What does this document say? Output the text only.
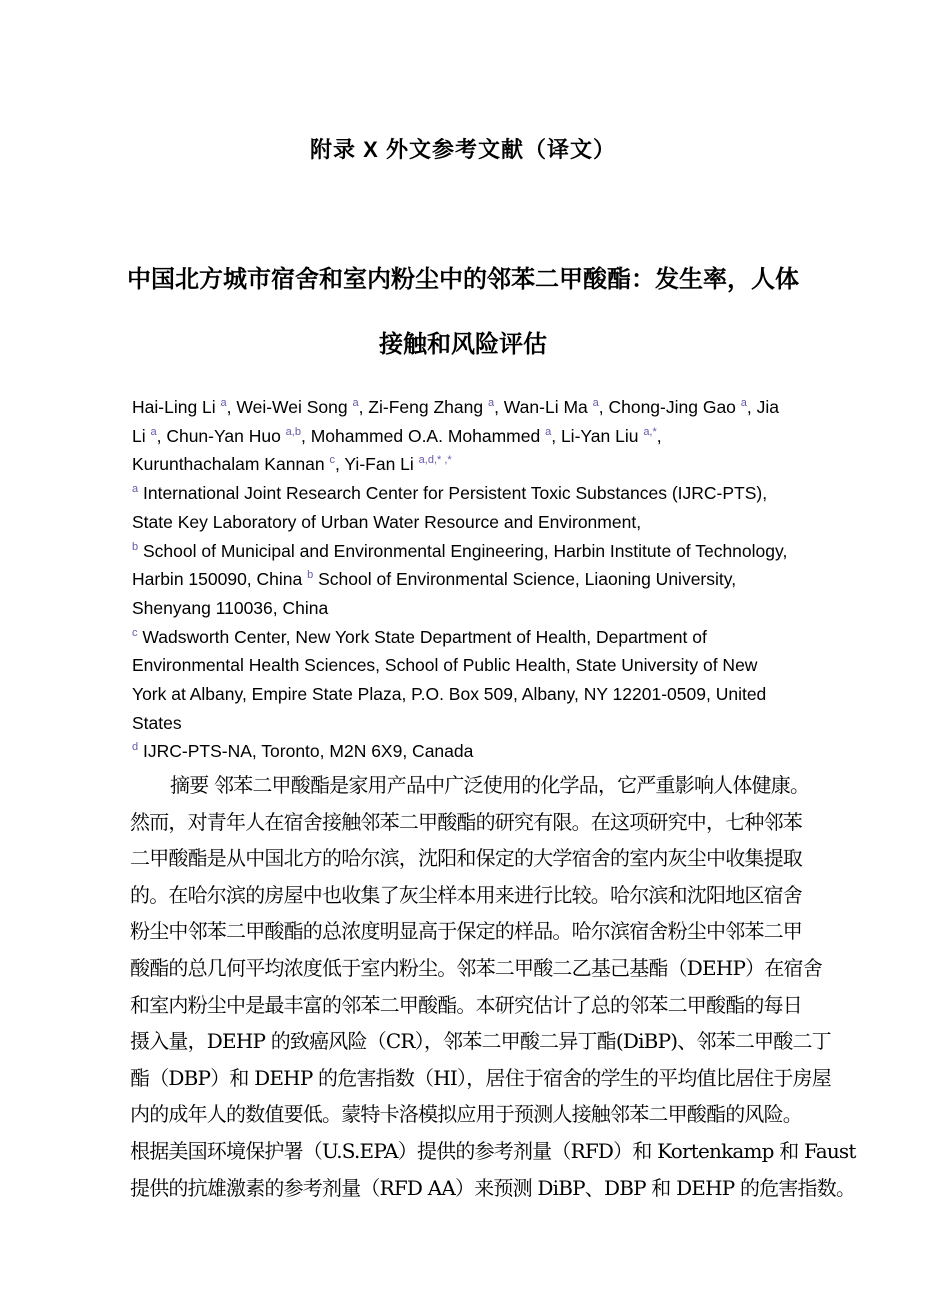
附录 X 外文参考文献（译文）
中国北方城市宿舍和室内粉尘中的邻苯二甲酸酯：发生率，人体
接触和风险评估
Hai-Ling Li $^a$, Wei-Wei Song $^a$, Zi-Feng Zhang $^a$, Wan-Li Ma $^a$, Chong-Jing Gao $^a$, Jia
Li $^a$, Chun-Yan Huo $^{a,b}$, Mohammed O.A. Mohammed $^a$, Li-Yan Liu $^{a,*}$,
Kurunthachalam Kannan $^c$, Yi-Fan Li $^{a,d,* ,*}$
$^a$ International Joint Research Center for Persistent Toxic Substances (IJRC-PTS),
State Key Laboratory of Urban Water Resource and Environment,
$^b$ School of Municipal and Environmental Engineering, Harbin Institute of Technology,
Harbin 150090, China $^b$ School of Environmental Science, Liaoning University,
Shenyang 110036, China
$^c$ Wadsworth Center, New York State Department of Health, Department of
Environmental Health Sciences, School of Public Health, State University of New
York at Albany, Empire State Plaza, P.O. Box 509, Albany, NY 12201-0509, United
States
$^d$ IJRC-PTS-NA, Toronto, M2N 6X9, Canada
摘要 邻苯二甲酸酯是家用产品中广泛使用的化学品，它严重影响人体健康。
然而，对青年人在宿舍接触邻苯二甲酸酯的研究有限。在这项研究中，七种邻苯
二甲酸酯是从中国北方的哈尔滨，沈阳和保定的大学宿舍的室内灰尘中收集提取
的。在哈尔滨的房屋中也收集了灰尘样本用来进行比较。哈尔滨和沈阳地区宿舍
粉尘中邻苯二甲酸酯的总浓度明显高于保定的样品。哈尔滨宿舍粉尘中邻苯二甲
酸酯的总几何平均浓度低于室内粉尘。邻苯二甲酸二乙基己基酯（DEHP）在宿舍
和室内粉尘中是最丰富的邻苯二甲酸酯。本研究估计了总的邻苯二甲酸酯的每日
摄入量，DEHP 的致癌风险（CR），邻苯二甲酸二异丁酯(DiBP)、邻苯二甲酸二丁
酯（DBP）和 DEHP 的危害指数（HI），居住于宿舍的学生的平均值比居住于房屋
内的成年人的数值要低。蒙特卡洛模拟应用于预测人接触邻苯二甲酸酯的风险。
根据美国环境保护署（U.S.EPA）提供的参考剂量（RFD）和 Kortenkamp 和 Faust
提供的抗雄激素的参考剂量（RFD AA）来预测 DiBP、DBP 和 DEHP 的危害指数。
